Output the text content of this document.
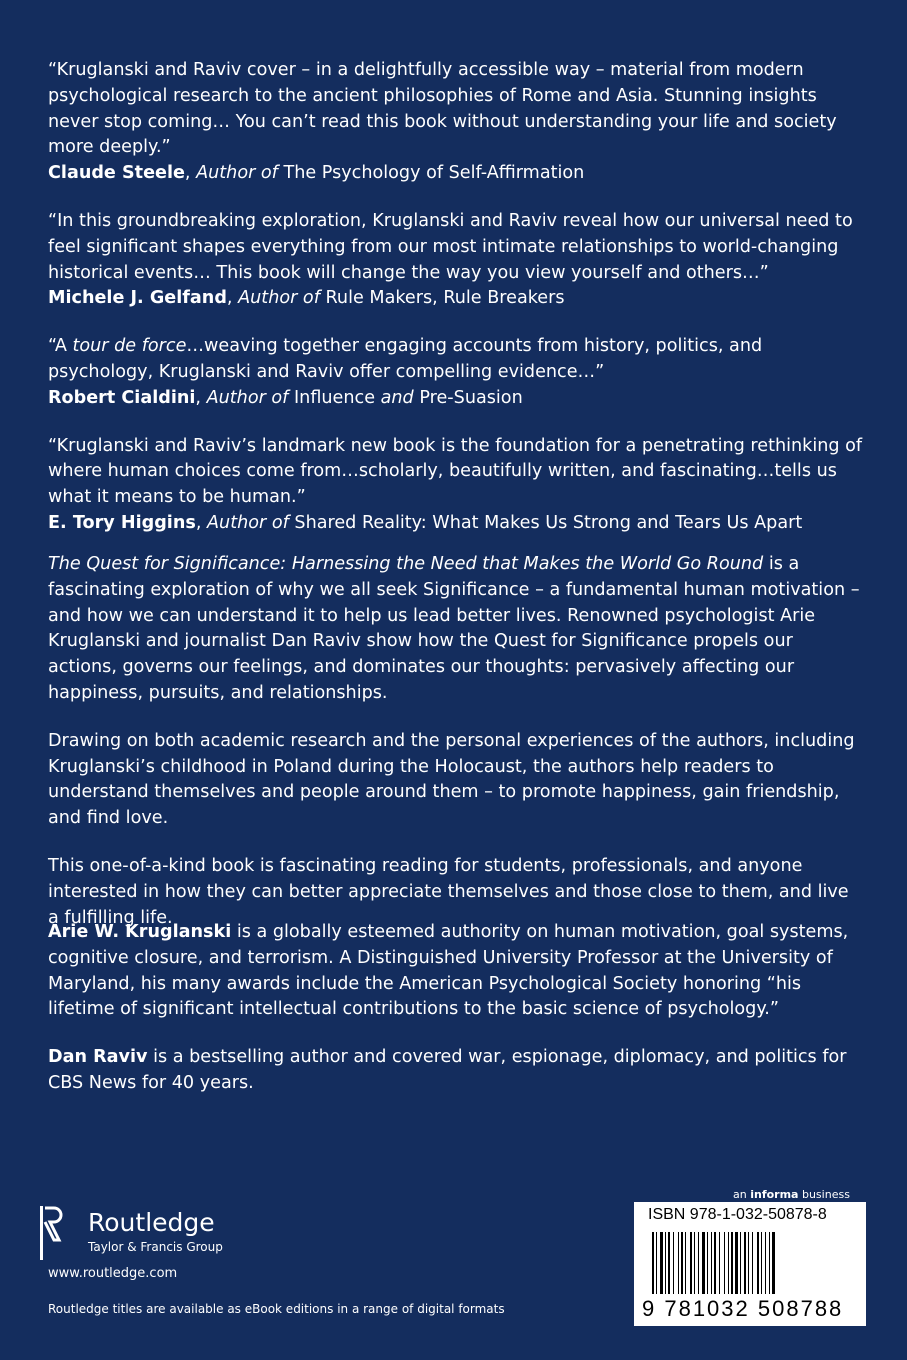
“Kruglanski and Raviv cover – in a delightfully accessible way – material from modern psychological research to the ancient philosophies of Rome and Asia. Stunning insights never stop coming… You can’t read this book without understanding your life and society more deeply.”

Claude Steele, Author of The Psychology of Self-Affirmation

“In this groundbreaking exploration, Kruglanski and Raviv reveal how our universal need to feel significant shapes everything from our most intimate relationships to world-changing historical events… This book will change the way you view yourself and others…”

Michele J. Gelfand, Author of Rule Makers, Rule Breakers

“A tour de force…weaving together engaging accounts from history, politics, and psychology, Kruglanski and Raviv offer compelling evidence…”

Robert Cialdini, Author of Influence and Pre-Suasion

“Kruglanski and Raviv’s landmark new book is the foundation for a penetrating rethinking of where human choices come from…scholarly, beautifully written, and fascinating…tells us what it means to be human.”

E. Tory Higgins, Author of Shared Reality: What Makes Us Strong and Tears Us Apart

The Quest for Significance: Harnessing the Need that Makes the World Go Round is a fascinating exploration of why we all seek Significance – a fundamental human motivation – and how we can understand it to help us lead better lives. Renowned psychologist Arie Kruglanski and journalist Dan Raviv show how the Quest for Significance propels our actions, governs our feelings, and dominates our thoughts: pervasively affecting our happiness, pursuits, and relationships.

Drawing on both academic research and the personal experiences of the authors, including Kruglanski’s childhood in Poland during the Holocaust, the authors help readers to understand themselves and people around them – to promote happiness, gain friendship, and find love.

This one-of-a-kind book is fascinating reading for students, professionals, and anyone interested in how they can better appreciate themselves and those close to them, and live a fulfilling life.

Arie W. Kruglanski is a globally esteemed authority on human motivation, goal systems, cognitive closure, and terrorism. A Distinguished University Professor at the University of Maryland, his many awards include the American Psychological Society honoring “his lifetime of significant intellectual contributions to the basic science of psychology.”

Dan Raviv is a bestselling author and covered war, espionage, diplomacy, and politics for CBS News for 40 years.

Routledge
Taylor & Francis Group
www.routledge.com
Routledge titles are available as eBook editions in a range of digital formats
an informa business
ISBN 978-1-032-50878-8
9 781032 508788
